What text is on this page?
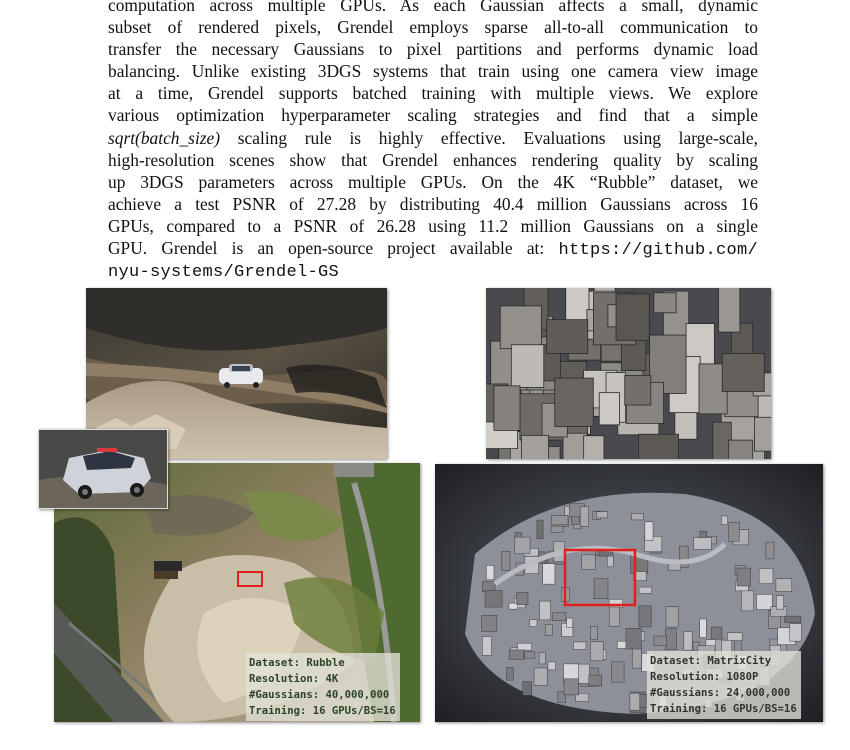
computation across multiple GPUs. As each Gaussian affects a small, dynamic
subset of rendered pixels, Grendel employs sparse all-to-all communication to
transfer the necessary Gaussians to pixel partitions and performs dynamic load
balancing. Unlike existing 3DGS systems that train using one camera view image
at a time, Grendel supports batched training with multiple views. We explore
various optimization hyperparameter scaling strategies and find that a simple
sqrt(batch_size) scaling rule is highly effective. Evaluations using large-scale,
high-resolution scenes show that Grendel enhances rendering quality by scaling
up 3DGS parameters across multiple GPUs. On the 4K “Rubble” dataset, we
achieve a test PSNR of 27.28 by distributing 40.4 million Gaussians across 16
GPUs, compared to a PSNR of 26.28 using 11.2 million Gaussians on a single
GPU. Grendel is an open-source project available at: https://github.com/
nyu-systems/Grendel-GS
Dataset: Rubble
Resolution: 4K
#Gaussians: 40,000,000
Training: 16 GPUs/BS=16
Dataset: MatrixCity
Resolution: 1080P
#Gaussians: 24,000,000
Training: 16 GPUs/BS=16
